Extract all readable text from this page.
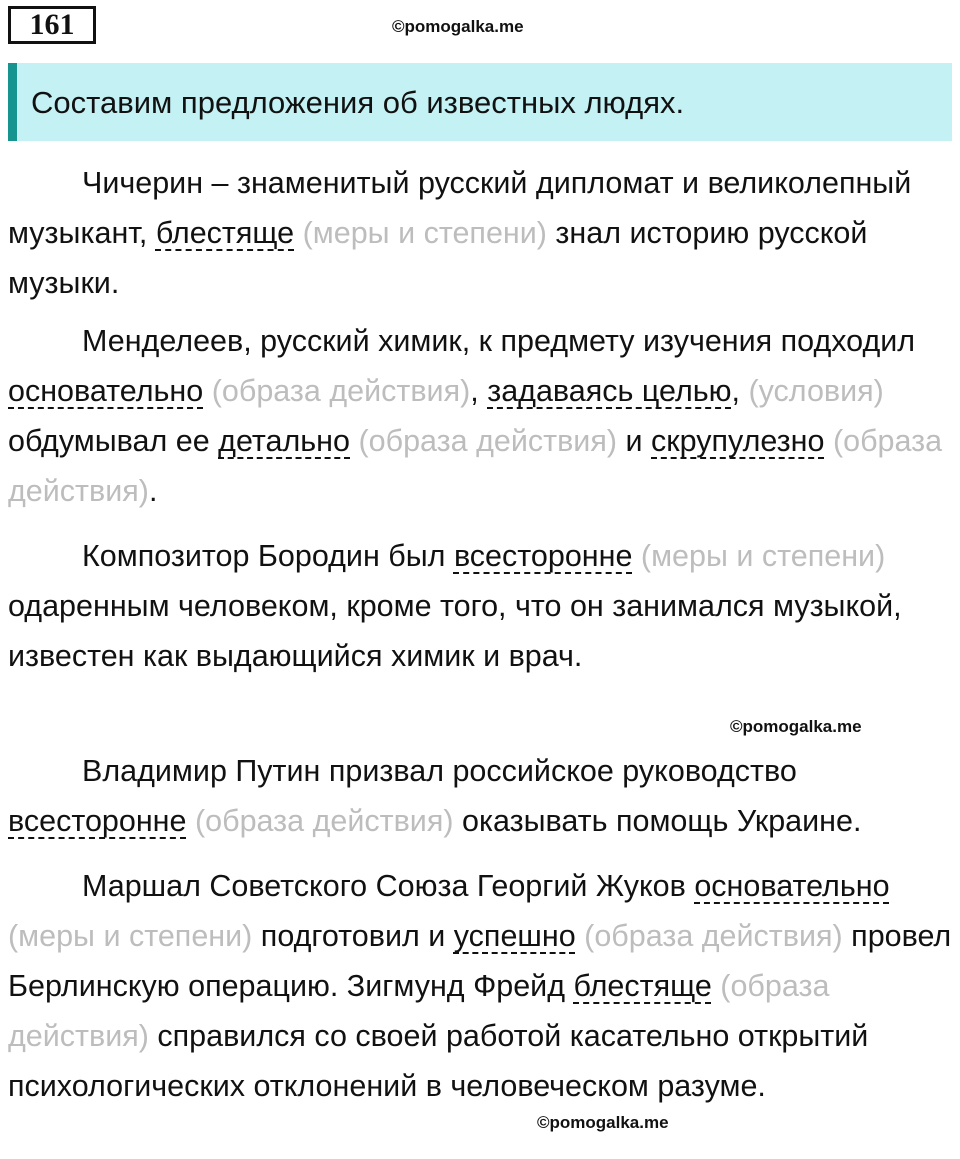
161	©pomogalka.me
Составим предложения об известных людях.

Чичерин – знаменитый русский дипломат и великолепный музыкант, блестяще (меры и степени) знал историю русской музыки.

Менделеев, русский химик, к предмету изучения подходил основательно (образа действия), задаваясь целью, (условия) обдумывал ее детально (образа действия) и скрупулезно (образа действия).

Композитор Бородин был всесторонне (меры и степени) одаренным человеком, кроме того, что он занимался музыкой, известен как выдающийся химик и врач.

©pomogalka.me

Владимир Путин призвал российское руководство всесторонне (образа действия) оказывать помощь Украине.

Маршал Советского Союза Георгий Жуков основательно (меры и степени) подготовил и успешно (образа действия) провел Берлинскую операцию. Зигмунд Фрейд блестяще (образа действия) справился со своей работой касательно открытий психологических отклонений в человеческом разуме.

©pomogalka.me
